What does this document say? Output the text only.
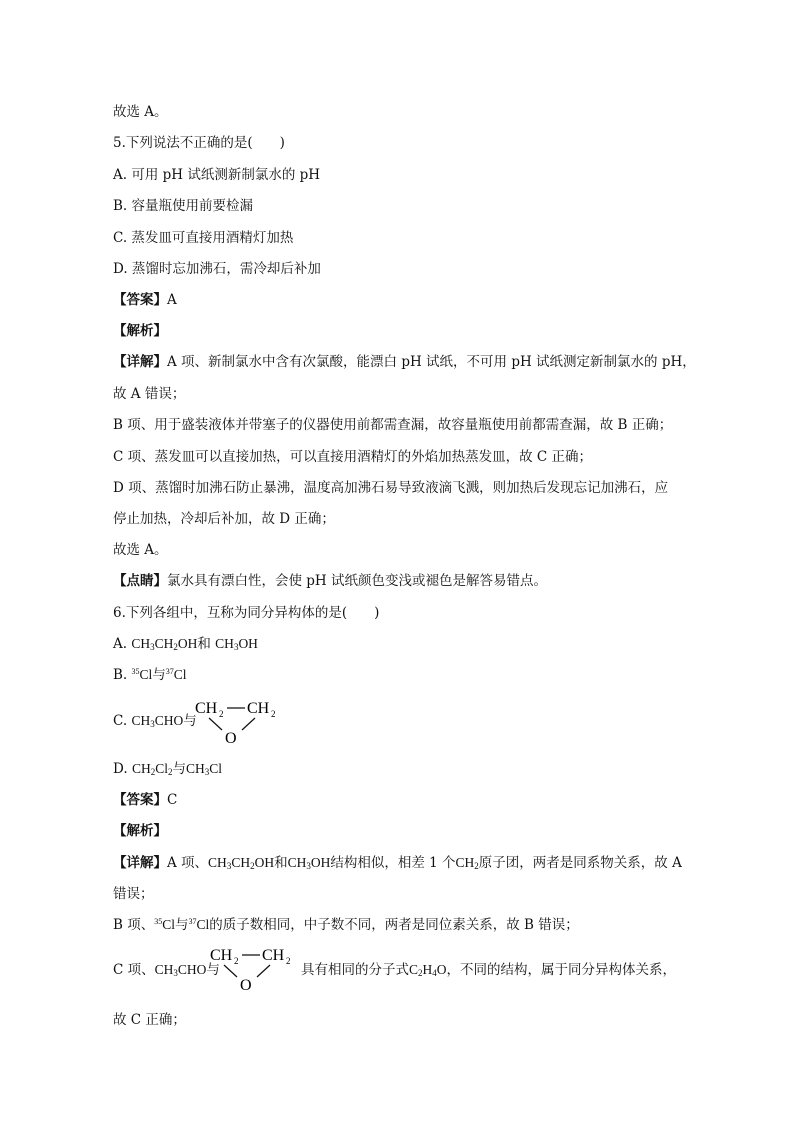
故选 A。
5.下列说法不正确的是(　　)
A. 可用 pH 试纸测新制氯水的 pH
B. 容量瓶使用前要检漏
C. 蒸发皿可直接用酒精灯加热
D. 蒸馏时忘加沸石，需冷却后补加
【答案】A
【解析】
【详解】A 项、新制氯水中含有次氯酸，能漂白 pH 试纸，不可用 pH 试纸测定新制氯水的 pH，
故 A 错误；
B 项、用于盛装液体并带塞子的仪器使用前都需查漏，故容量瓶使用前都需查漏，故 B 正确；
C 项、蒸发皿可以直接加热，可以直接用酒精灯的外焰加热蒸发皿，故 C 正确；
D 项、蒸馏时加沸石防止暴沸，温度高加沸石易导致液滴飞溅，则加热后发现忘记加沸石，应
停止加热，冷却后补加，故 D 正确；
故选 A。
【点睛】氯水具有漂白性，会使 pH 试纸颜色变浅或褪色是解答易错点。
6.下列各组中，互称为同分异构体的是(　　)
A. $CH_3CH_2OH$和 $CH_3OH$
B. $^{35}$Cl与$^{37}$Cl
C. $CH_3CHO$与
CH 2 CH 2
O
D. $CH_2Cl_2$与$CH_3Cl$
【答案】C
【解析】
【详解】A 项、$CH_3CH_2OH$和$CH_3OH$结构相似，相差 1 个$CH_2$原子团，两者是同系物关系，故 A
错误；
B 项、$^{35}$Cl与$^{37}$Cl的质子数相同，中子数不同，两者是同位素关系，故 B 错误；
C 项、$CH_3CHO$与
CH 2 CH 2
O
具有相同的分子式$C_2H_4O$，不同的结构，属于同分异构体关系，
故 C 正确；
